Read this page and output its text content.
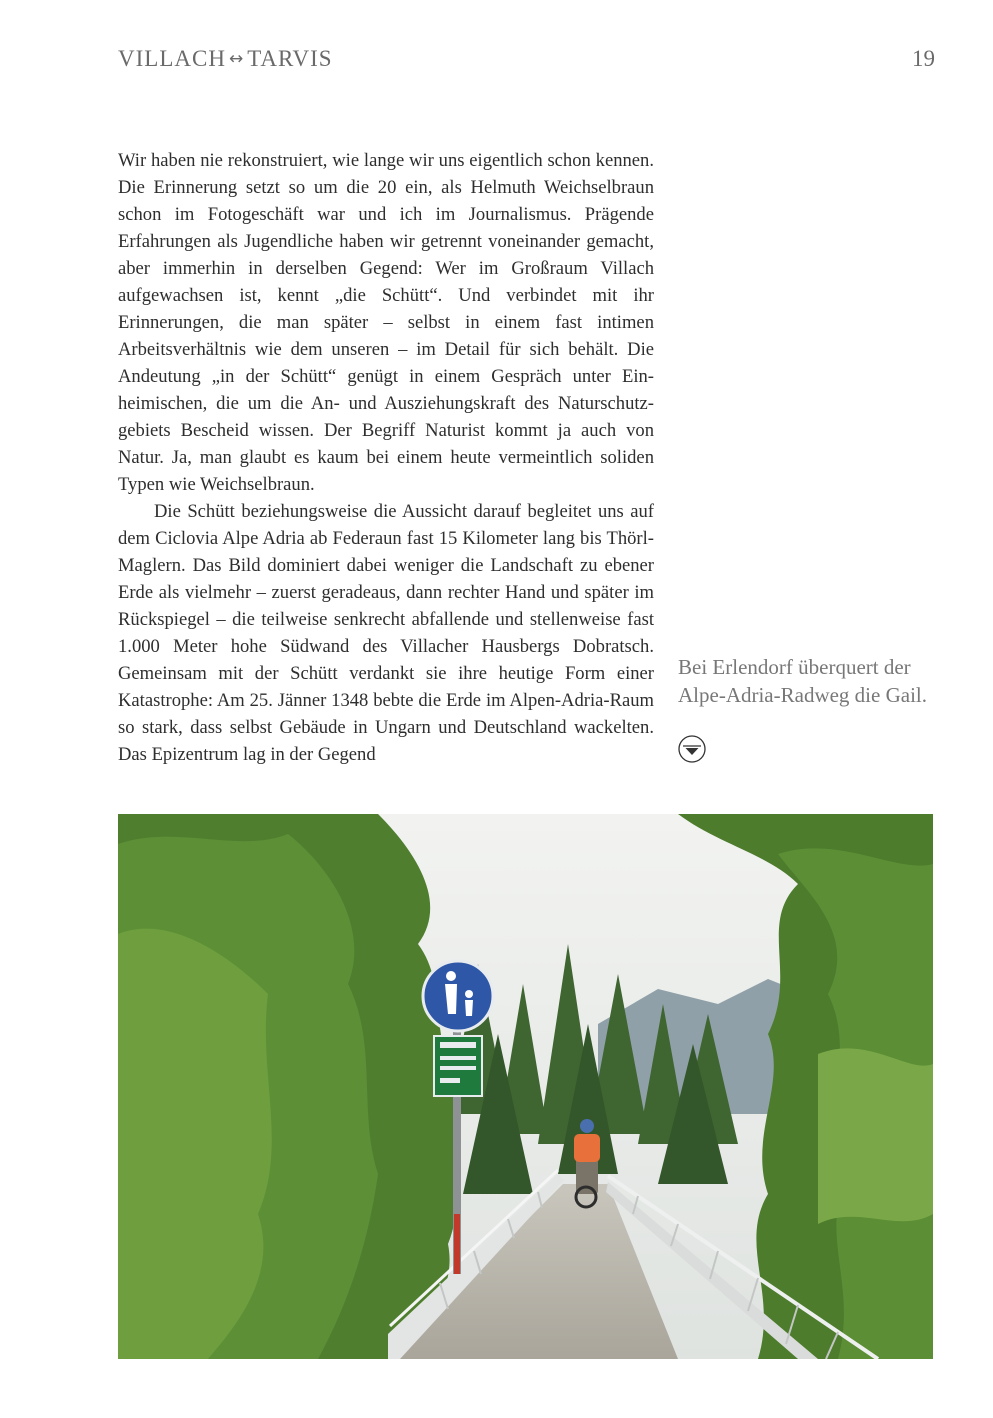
VILLACH ↔ TARVIS	19

Wir haben nie rekonstruiert, wie lange wir uns eigentlich schon kennen. Die Erinnerung setzt so um die 20 ein, als Helmuth Weichselbraun schon im Fotogeschäft war und ich im Journalismus. Prägende Erfahrungen als Jugendliche haben wir getrennt voneinander gemacht, aber immerhin in derselben Gegend: Wer im Großraum Villach aufgewachsen ist, kennt „die Schütt“. Und verbindet mit ihr Erinnerungen, die man später – selbst in einem fast intimen Arbeitsverhältnis wie dem unseren – im Detail für sich behält. Die Andeutung „in der Schütt“ genügt in einem Gespräch unter Einheimischen, die um die An- und Ausziehungskraft des Naturschutzgebiets Bescheid wissen. Der Begriff Naturist kommt ja auch von Natur. Ja, man glaubt es kaum bei einem heute vermeintlich soliden Typen wie Weichselbraun.

Die Schütt beziehungsweise die Aussicht darauf begleitet uns auf dem Ciclovia Alpe Adria ab Federaun fast 15 Kilometer lang bis Thörl-Maglern. Das Bild dominiert dabei weniger die Landschaft zu ebener Erde als vielmehr – zuerst geradeaus, dann rechter Hand und später im Rückspiegel – die teilweise senkrecht abfallende und stellenweise fast 1.000 Meter hohe Südwand des Villacher Hausbergs Dobratsch. Gemeinsam mit der Schütt verdankt sie ihre heutige Form einer Katastrophe: Am 25. Jänner 1348 bebte die Erde im Alpen-Adria-Raum so stark, dass selbst Gebäude in Ungarn und Deutschland wackelten. Das Epizentrum lag in der Gegend

Bei Erlendorf überquert der
Alpe-Adria-Radweg die Gail.
